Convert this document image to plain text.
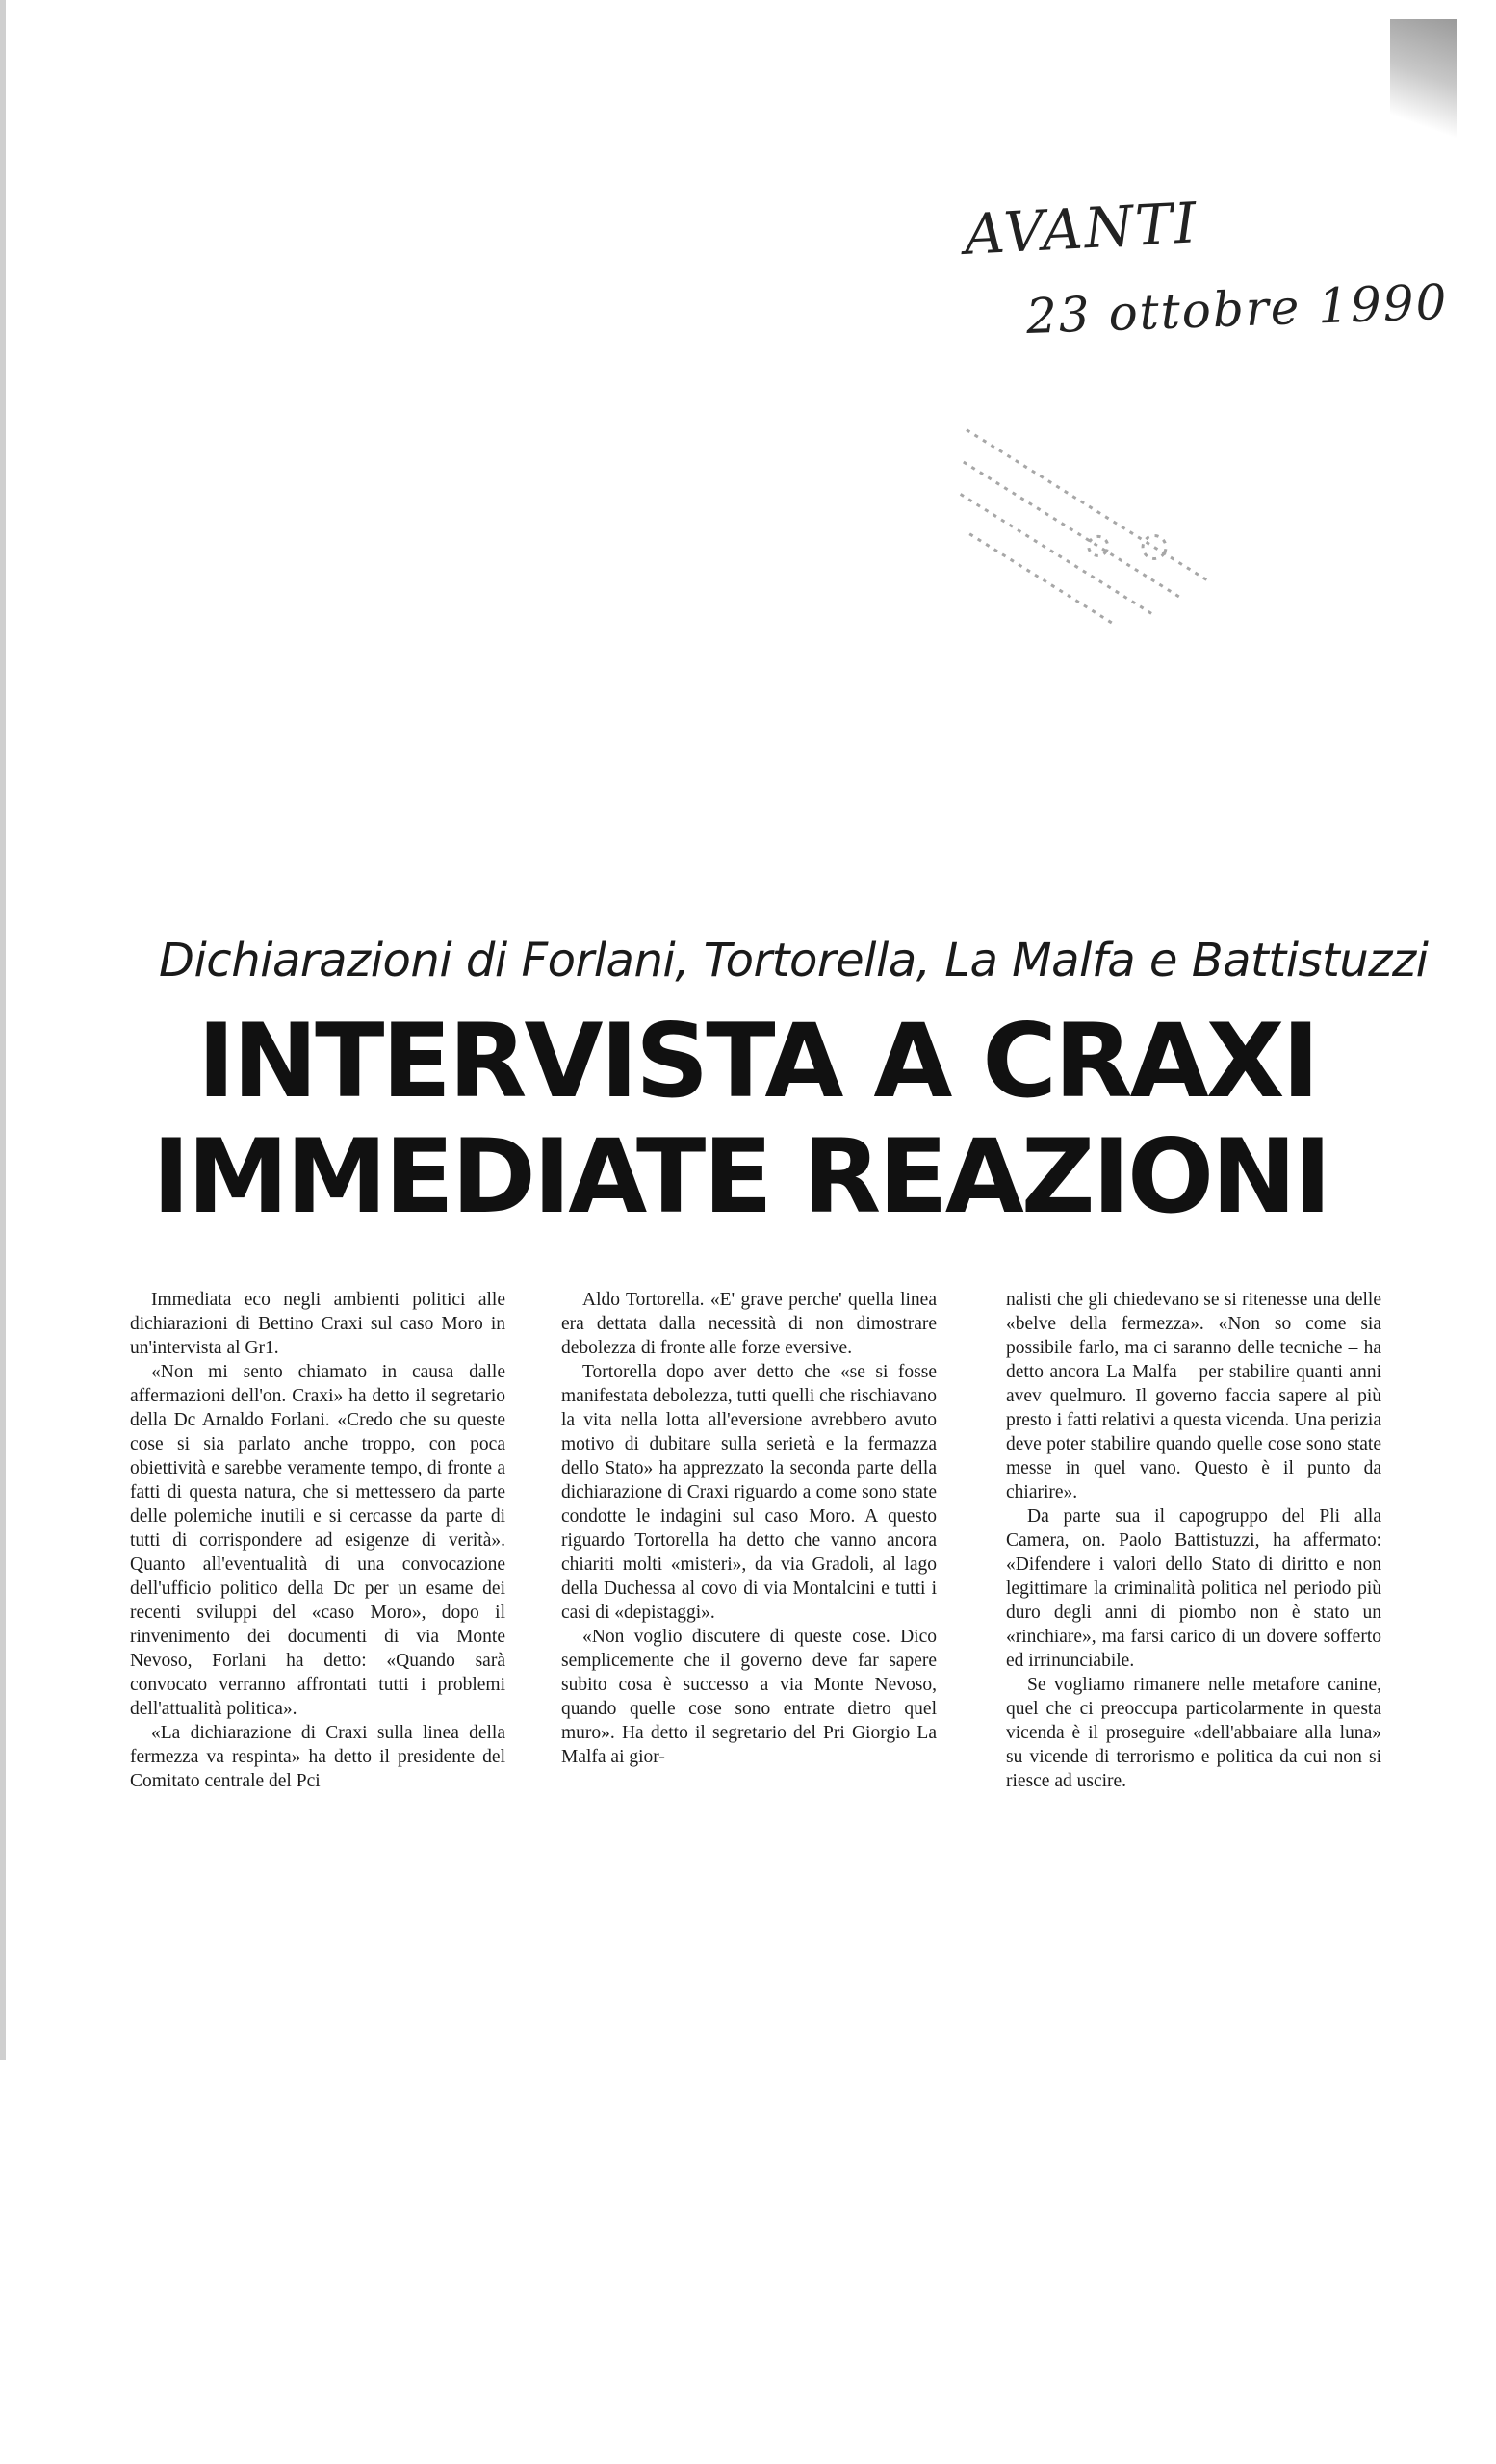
AVANTI
23 ottobre 1990
Dichiarazioni di Forlani, Tortorella, La Malfa e Battistuzzi
INTERVISTA A CRAXI
IMMEDIATE REAZIONI

Immediata eco negli ambienti politici alle dichiarazioni di Bettino Craxi sul caso Moro in un'intervista al Gr1.

«Non mi sento chiamato in causa dalle affermazioni dell'on. Craxi» ha detto il segretario della Dc Arnaldo Forlani. «Credo che su queste cose si sia parlato anche troppo, con poca obiettività e sarebbe veramente tempo, di fronte a fatti di questa natura, che si mettessero da parte delle polemiche inutili e si cercasse da parte di tutti di corrispondere ad esigenze di verità». Quanto all'eventualità di una convocazione dell'ufficio politico della Dc per un esame dei recenti sviluppi del «caso Moro», dopo il rinvenimento dei documenti di via Monte Nevoso, Forlani ha detto: «Quando sarà convocato verranno affrontati tutti i problemi dell'attualità politica».

«La dichiarazione di Craxi sulla linea della fermezza va respinta» ha detto il presidente del Comitato centrale del Pci

Aldo Tortorella. «E' grave perche' quella linea era dettata dalla necessità di non dimostrare debolezza di fronte alle forze eversive.

Tortorella dopo aver detto che «se si fosse manifestata debolezza, tutti quelli che rischiavano la vita nella lotta all'eversione avrebbero avuto motivo di dubitare sulla serietà e la fermazza dello Stato» ha apprezzato la seconda parte della dichiarazione di Craxi riguardo a come sono state condotte le indagini sul caso Moro. A questo riguardo Tortorella ha detto che vanno ancora chiariti molti «misteri», da via Gradoli, al lago della Duchessa al covo di via Montalcini e tutti i casi di «depistaggi».

«Non voglio discutere di queste cose. Dico semplicemente che il governo deve far sapere subito cosa è successo a via Monte Nevoso, quando quelle cose sono entrate dietro quel muro». Ha detto il segretario del Pri Giorgio La Malfa ai gior-

nalisti che gli chiedevano se si ritenesse una delle «belve della fermezza». «Non so come sia possibile farlo, ma ci saranno delle tecniche – ha detto ancora La Malfa – per stabilire quanti anni avev quelmuro. Il governo faccia sapere al più presto i fatti relativi a questa vicenda. Una perizia deve poter stabilire quando quelle cose sono state messe in quel vano. Questo è il punto da chiarire».

Da parte sua il capogruppo del Pli alla Camera, on. Paolo Battistuzzi, ha affermato: «Difendere i valori dello Stato di diritto e non legittimare la criminalità politica nel periodo più duro degli anni di piombo non è stato un «rinchiare», ma farsi carico di un dovere sofferto ed irrinunciabile.

Se vogliamo rimanere nelle metafore canine, quel che ci preoccupa particolarmente in questa vicenda è il proseguire «dell'abbaiare alla luna» su vicende di terrorismo e politica da cui non si riesce ad uscire.
